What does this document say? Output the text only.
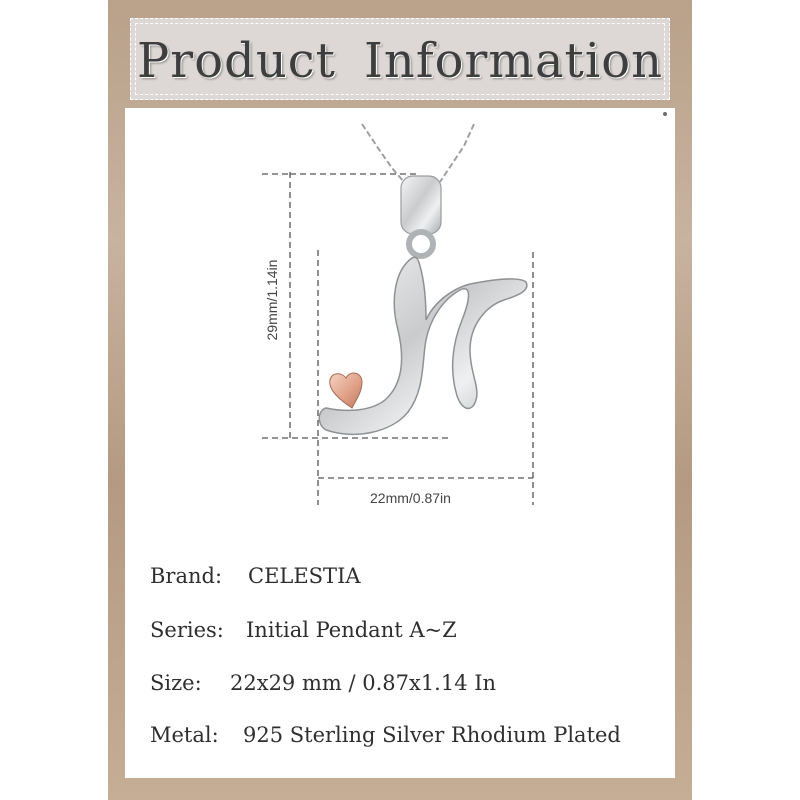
Product Information
22mm/0.87in
29mm/1.14in
Brand: CELESTIA
Series: Initial Pendant A~Z
Size: 22x29 mm / 0.87x1.14 In
Metal: 925 Sterling Silver Rhodium Plated
